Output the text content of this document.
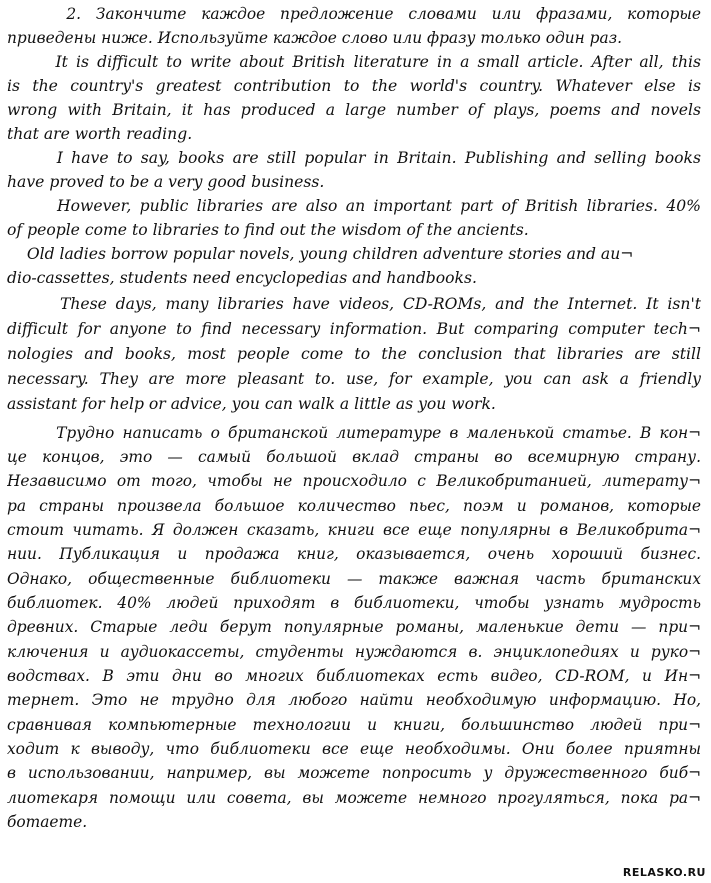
2. Закончите каждое предложение словами или фразами, которые
приведены ниже. Используйте каждое слово или фразу только один раз.
It is difficult to write about British literature in a small article. After all, this
is the country's greatest contribution to the world's country. Whatever else is
wrong with Britain, it has produced a large number of plays, poems and novels
that are worth reading.
I have to say, books are still popular in Britain. Publishing and selling books
have proved to be a very good business.
However, public libraries are also an important part of British libraries. 40%
of people come to libraries to find out the wisdom of the ancients.
Old ladies borrow popular novels, young children adventure stories and au¬
dio-cassettes, students need encyclopedias and handbooks.
These days, many libraries have videos, CD-ROMs, and the Internet. It isn't
difficult for anyone to find necessary information. But comparing computer tech¬
nologies and books, most people come to the conclusion that libraries are still
necessary. They are more pleasant to. use, for example, you can ask a friendly
assistant for help or advice, you can walk a little as you work.
Трудно написать о британской литературе в маленькой статье. В кон¬
це концов, это — самый большой вклад страны во всемирную страну.
Независимо от того, чтобы не происходило с Великобританией, литерату¬
ра страны произвела большое количество пьес, поэм и романов, которые
стоит читать. Я должен сказать, книги все еще популярны в Великобрита¬
нии. Публикация и продажа книг, оказывается, очень хороший бизнес.
Однако, общественные библиотеки — также важная часть британских
библиотек. 40% людей приходят в библиотеки, чтобы узнать мудрость
древних. Старые леди берут популярные романы, маленькие дети — при¬
ключения и аудиокассеты, студенты нуждаются в. энциклопедиях и руко¬
водствах. В эти дни во многих библиотеках есть видео, CD-ROM, и Ин¬
тернет. Это не трудно для любого найти необходимую информацию. Но,
сравнивая компьютерные технологии и книги, большинство людей при¬
ходит к выводу, что библиотеки все еще необходимы. Они более приятны
в использовании, например, вы можете попросить у дружественного биб¬
лиотекаря помощи или совета, вы можете немного прогуляться, пока ра¬
ботаете.
RELASKO.RU
